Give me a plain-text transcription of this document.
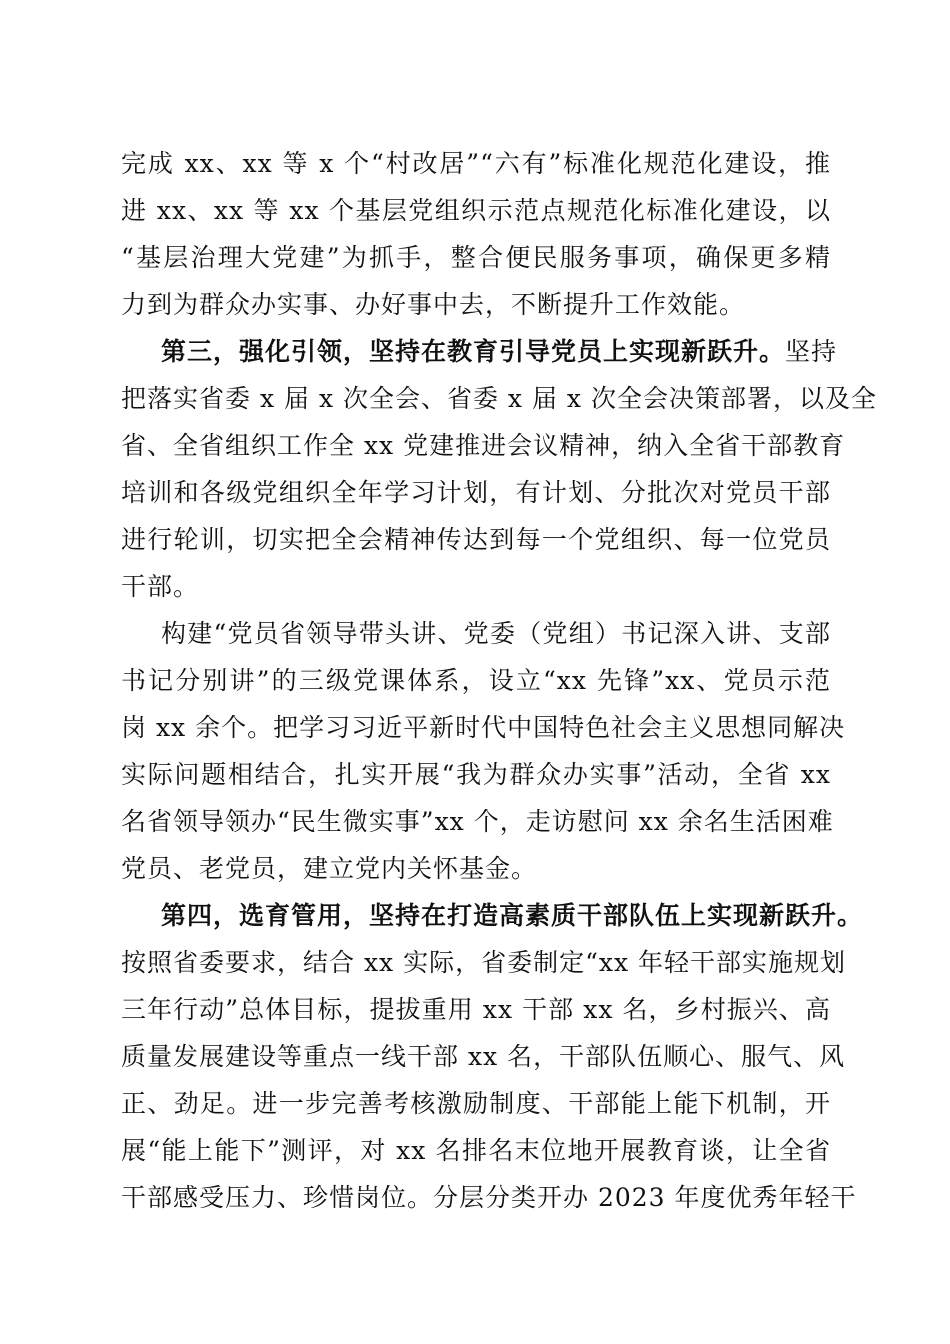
完成 xx、xx 等 x 个“村改居”“六有”标准化规范化建设，推
进 xx、xx 等 xx 个基层党组织示范点规范化标准化建设，以
“基层治理大党建”为抓手，整合便民服务事项，确保更多精
力到为群众办实事、办好事中去，不断提升工作效能。
第三，强化引领，坚持在教育引导党员上实现新跃升。坚持
把落实省委 x 届 x 次全会、省委 x 届 x 次全会决策部署，以及全
省、全省组织工作全 xx 党建推进会议精神，纳入全省干部教育
培训和各级党组织全年学习计划，有计划、分批次对党员干部
进行轮训，切实把全会精神传达到每一个党组织、每一位党员
干部。
构建“党员省领导带头讲、党委（党组）书记深入讲、支部
书记分别讲”的三级党课体系，设立“xx 先锋”xx、党员示范
岗 xx 余个。把学习习近平新时代中国特色社会主义思想同解决
实际问题相结合，扎实开展“我为群众办实事”活动，全省 xx
名省领导领办“民生微实事”xx 个，走访慰问 xx 余名生活困难
党员、老党员，建立党内关怀基金。
第四，选育管用，坚持在打造高素质干部队伍上实现新跃升。
按照省委要求，结合 xx 实际，省委制定“xx 年轻干部实施规划
三年行动”总体目标，提拔重用 xx 干部 xx 名，乡村振兴、高
质量发展建设等重点一线干部 xx 名，干部队伍顺心、服气、风
正、劲足。进一步完善考核激励制度、干部能上能下机制，开
展“能上能下”测评，对 xx 名排名末位地开展教育谈，让全省
干部感受压力、珍惜岗位。分层分类开办 2023 年度优秀年轻干
